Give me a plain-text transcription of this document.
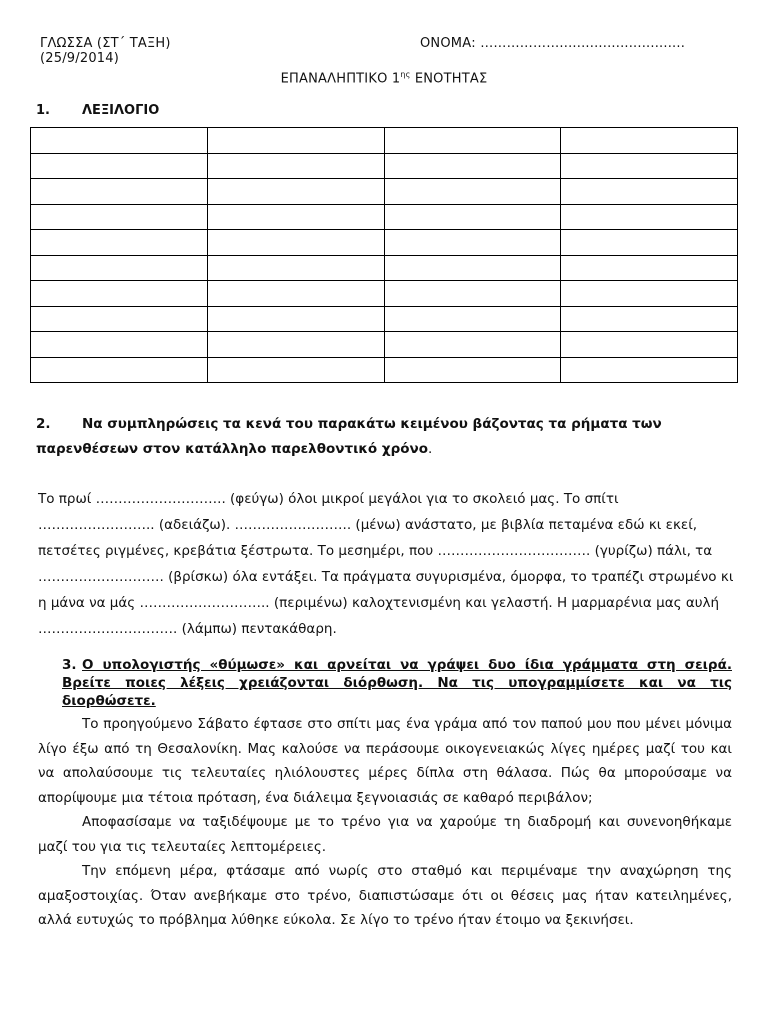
ΓΛΩΣΣΑ (ΣΤ΄ ΤΑΞΗ)
(25/9/2014)
ΟΝΟΜΑ: ……………….............................
ΕΠΑΝΑΛΗΠΤΙΚΟ $1^{\eta\varsigma}$ ΕΝΟΤΗΤΑΣ
1. ΛΕΞΙΛΟΓΙΟ

2. Να συμπληρώσεις τα κενά του παρακάτω κειμένου βάζοντας τα ρήματα των παρενθέσεων στον κατάλληλο παρελθοντικό χρόνο.
Το πρωί ……………………….. (φεύγω) όλοι μικροί μεγάλοι για το σκολειό μας. Το σπίτι …………………….. (αδειάζω). …………………….. (μένω) ανάστατο, με βιβλία πεταμένα εδώ κι εκεί, πετσέτες ριγμένες, κρεβάτια ξέστρωτα. Το μεσημέρι, που ……………………………. (γυρίζω) πάλι, τα ………………………. (βρίσκω) όλα εντάξει. Τα πράγματα συγυρισμένα, όμορφα, το τραπέζι στρωμένο κι η μάνα να μάς ……………………….. (περιμένω) καλοχτενισμένη και γελαστή. Η μαρμαρένια μας αυλή …………………………. (λάμπω) πεντακάθαρη.
3. Ο υπολογιστής «θύμωσε» και αρνείται να γράψει δυο ίδια γράμματα στη σειρά. Βρείτε ποιες λέξεις χρειάζονται διόρθωση. Να τις υπογραμμίσετε και να τις διορθώσετε.

Το προηγούμενο Σάβατο έφτασε στο σπίτι μας ένα γράμα από τον παπού μου που μένει μόνιμα λίγο έξω από τη Θεσαλονίκη. Μας καλούσε να περάσουμε οικογενειακώς λίγες ημέρες μαζί του και να απολαύσουμε τις τελευταίες ηλιόλουστες μέρες δίπλα στη θάλασα. Πώς θα μπορούσαμε να απορίψουμε μια τέτοια πρόταση, ένα διάλειμα ξεγνοιασιάς σε καθαρό περιβάλον;

Αποφασίσαμε να ταξιδέψουμε με το τρένο για να χαρούμε τη διαδρομή και συνενοηθήκαμε μαζί του για τις τελευταίες λεπτομέρειες.

Την επόμενη μέρα, φτάσαμε από νωρίς στο σταθμό και περιμέναμε την αναχώρηση της αμαξοστοιχίας. Όταν ανεβήκαμε στο τρένο, διαπιστώσαμε ότι οι θέσεις μας ήταν κατειλημένες, αλλά ευτυχώς το πρόβλημα λύθηκε εύκολα. Σε λίγο το τρένο ήταν έτοιμο να ξεκινήσει.
